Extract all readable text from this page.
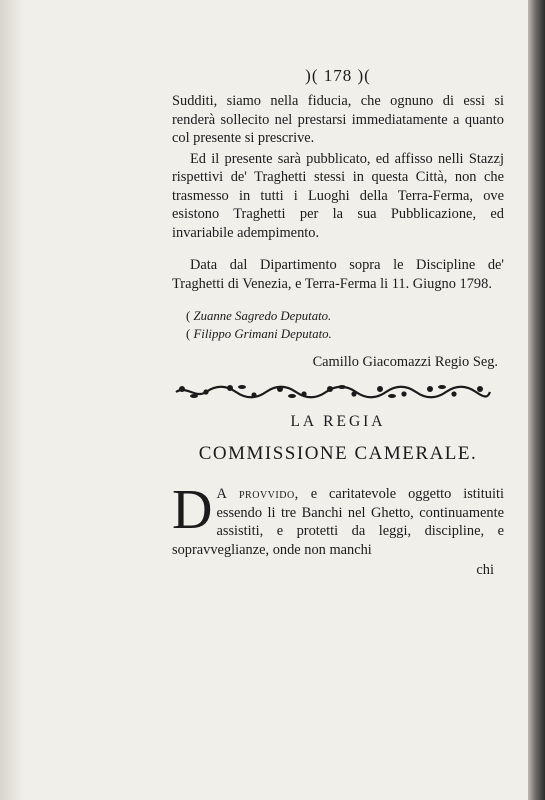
)( 178 )(

Sudditi, siamo nella fiducia, che ognuno di essi si renderà sollecito nel prestarsi immediatamente a quanto col presente si prescrive.

Ed il presente sarà pubblicato, ed affisso nelli Stazzj rispettivi de' Traghetti stessi in questa Città, non che trasmesso in tutti i Luoghi della Terra-Ferma, ove esistono Traghetti per la sua Pubblicazione, ed invariabile adempimento.

Data dal Dipartimento sopra le Discipline de' Traghetti di Venezia, e Terra-Ferma li 11. Giugno 1798.

( Zuanne Sagredo Deputato.
( Filippo Grimani Deputato.
Camillo Giacomazzi Regio Seg.
LA REGIA
COMMISSIONE CAMERALE.
D A provvido, e caritatevole oggetto istituiti essendo li tre Banchi nel Ghetto, continuamente assistiti, e protetti da leggi, discipline, e sopravveglianze, onde non manchi

chi
